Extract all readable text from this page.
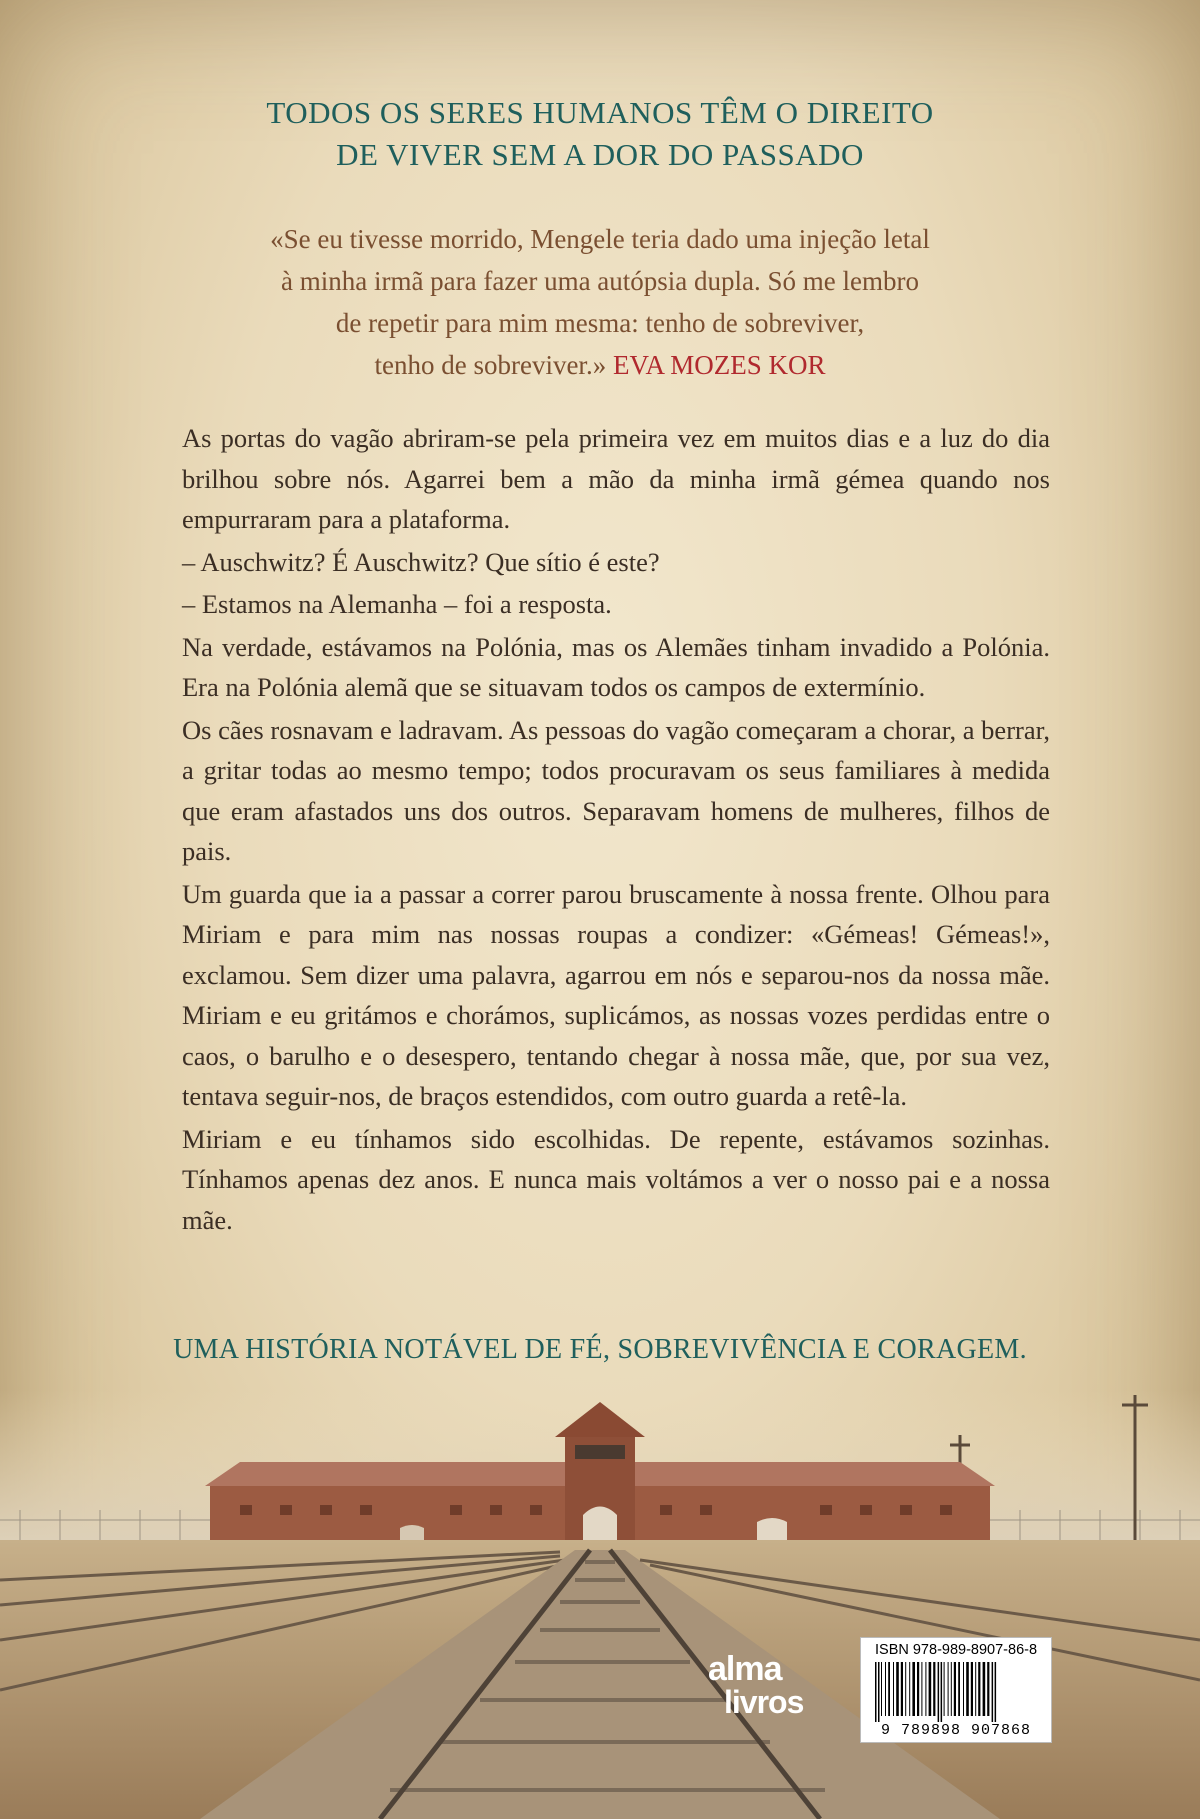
TODOS OS SERES HUMANOS TÊM O DIREITO
DE VIVER SEM A DOR DO PASSADO

«Se eu tivesse morrido, Mengele teria dado uma injeção letal
à minha irmã para fazer uma autópsia dupla. Só me lembro
de repetir para mim mesma: tenho de sobreviver,
tenho de sobreviver.» EVA MOZES KOR

As portas do vagão abriram-se pela primeira vez em muitos dias e a luz do dia brilhou sobre nós. Agarrei bem a mão da minha irmã gémea quando nos empurraram para a plataforma.

– Auschwitz? É Auschwitz? Que sítio é este?

– Estamos na Alemanha – foi a resposta.

Na verdade, estávamos na Polónia, mas os Alemães tinham invadido a Polónia. Era na Polónia alemã que se situavam todos os campos de extermínio.

Os cães rosnavam e ladravam. As pessoas do vagão começaram a chorar, a berrar, a gritar todas ao mesmo tempo; todos procuravam os seus familiares à medida que eram afastados uns dos outros. Separavam homens de mulheres, filhos de pais.

Um guarda que ia a passar a correr parou bruscamente à nossa frente. Olhou para Miriam e para mim nas nossas roupas a condizer: «Gémeas! Gémeas!», exclamou. Sem dizer uma palavra, agarrou em nós e separou-nos da nossa mãe. Miriam e eu gritámos e chorámos, suplicámos, as nossas vozes perdidas entre o caos, o barulho e o desespero, tentando chegar à nossa mãe, que, por sua vez, tentava seguir-nos, de braços estendidos, com outro guarda a retê-la.

Miriam e eu tínhamos sido escolhidas. De repente, estávamos sozinhas. Tínhamos apenas dez anos. E nunca mais voltámos a ver o nosso pai e a nossa mãe.

UMA HISTÓRIA NOTÁVEL DE FÉ, SOBREVIVÊNCIA E CORAGEM.

alma
livros
ISBN 978-989-8907-86-8
9 789898 907868
